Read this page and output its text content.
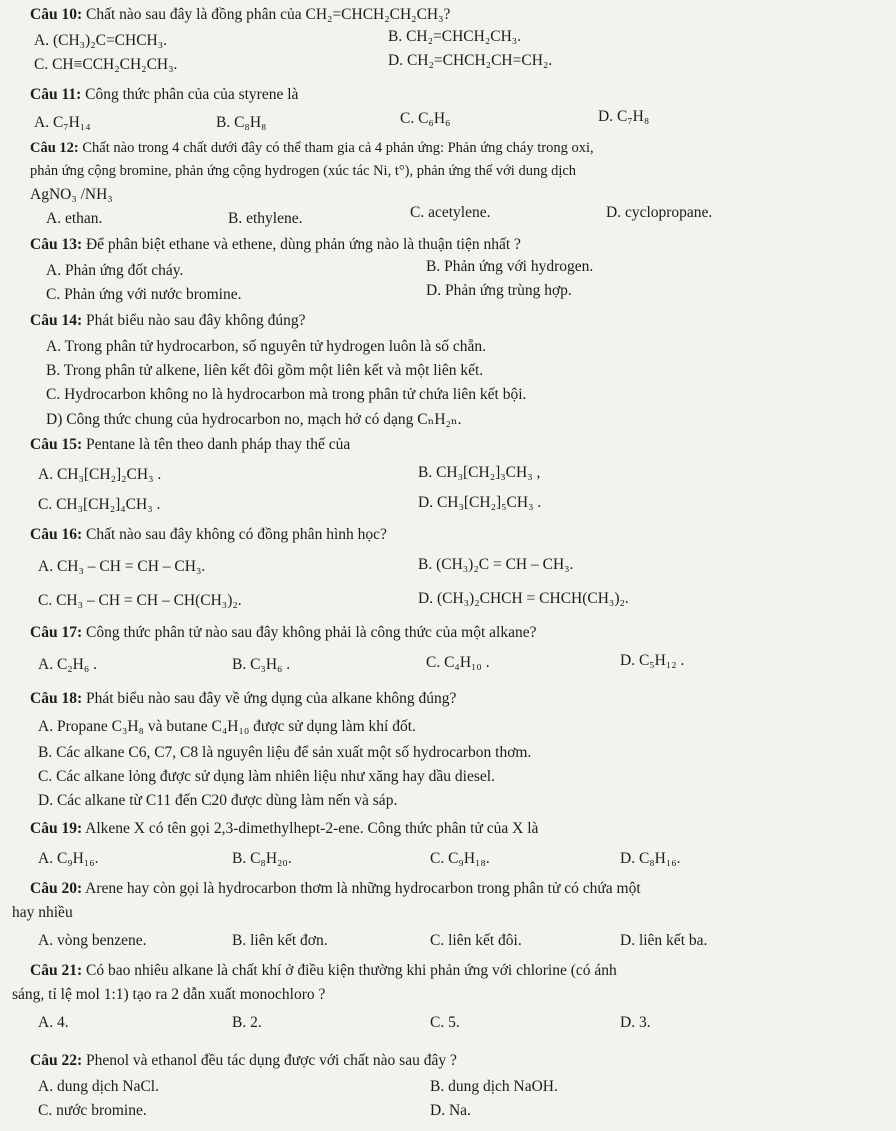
Câu 10: Chất nào sau đây là đồng phân của CH₂=CHCH₂CH₂CH₃?
A. (CH₃)₂C=CHCH₃.	B. CH₂=CHCH₂CH₃.
C. CH≡CCH₂CH₂CH₃.	D. CH₂=CHCH₂CH=CH₂.
Câu 11: Công thức phân của của styrene là
A. C₇H₁₄	B. C₈H₈	C. C₆H₆	D. C₇H₈
Câu 12: Chất nào trong 4 chất dưới đây có thể tham gia cả 4 phản ứng: Phản ứng cháy trong oxi,
phản ứng cộng bromine, phản ứng cộng hydrogen (xúc tác Ni, t°), phản ứng thế với dung dịch
AgNO₃ /NH₃
A. ethan.	B. ethylene.	C. acetylene.	D. cyclopropane.
Câu 13: Để phân biệt ethane và ethene, dùng phản ứng nào là thuận tiện nhất ?
A. Phản ứng đốt cháy.	B. Phản ứng với hydrogen.
C. Phản ứng với nước bromine.	D. Phản ứng trùng hợp.
Câu 14: Phát biểu nào sau đây không đúng?
A. Trong phân tử hydrocarbon, số nguyên tử hydrogen luôn là số chẵn.
B. Trong phân tử alkene, liên kết đôi gồm một liên kết và một liên kết.
C. Hydrocarbon không no là hydrocarbon mà trong phân tử chứa liên kết bội.
D) Công thức chung của hydrocarbon no, mạch hở có dạng CₙH₂ₙ.
Câu 15: Pentane là tên theo danh pháp thay thế của
A. CH₃[CH₂]₂CH₃ .	B. CH₃[CH₂]₃CH₃ ,
C. CH₃[CH₂]₄CH₃ .	D. CH₃[CH₂]₅CH₃ .
Câu 16: Chất nào sau đây không có đồng phân hình học?
A. CH₃ – CH = CH – CH₃.	B. (CH₃)₂C = CH – CH₃.
C. CH₃ – CH = CH – CH(CH₃)₂.	D. (CH₃)₂CHCH = CHCH(CH₃)₂.
Câu 17: Công thức phân tử nào sau đây không phải là công thức của một alkane?
A. C₂H₆ .	B. C₃H₆ .	C. C₄H₁₀ .	D. C₅H₁₂ .
Câu 18: Phát biểu nào sau đây về ứng dụng của alkane không đúng?
A. Propane C₃H₈ và butane C₄H₁₀ được sử dụng làm khí đốt.
B. Các alkane C6, C7, C8 là nguyên liệu để sản xuất một số hydrocarbon thơm.
C. Các alkane lỏng được sử dụng làm nhiên liệu như xăng hay dầu diesel.
D. Các alkane từ C11 đến C20 được dùng làm nến và sáp.
Câu 19: Alkene X có tên gọi 2,3-dimethylhept-2-ene. Công thức phân tử của X là
A. C₉H₁₆.	B. C₈H₂₀.	C. C₉H₁₈.	D. C₈H₁₆.
Câu 20: Arene hay còn gọi là hydrocarbon thơm là những hydrocarbon trong phân tử có chứa một
hay nhiều
A. vòng benzene.	B. liên kết đơn.	C. liên kết đôi.	D. liên kết ba.
Câu 21: Có bao nhiêu alkane là chất khí ở điều kiện thường khi phản ứng với chlorine (có ánh
sáng, tỉ lệ mol 1:1) tạo ra 2 dẫn xuất monochloro ?
A. 4.	B. 2.	C. 5.	D. 3.
Câu 22: Phenol và ethanol đều tác dụng được với chất nào sau đây ?
A. dung dịch NaCl.	B. dung dịch NaOH.
C. nước bromine.	D. Na.
